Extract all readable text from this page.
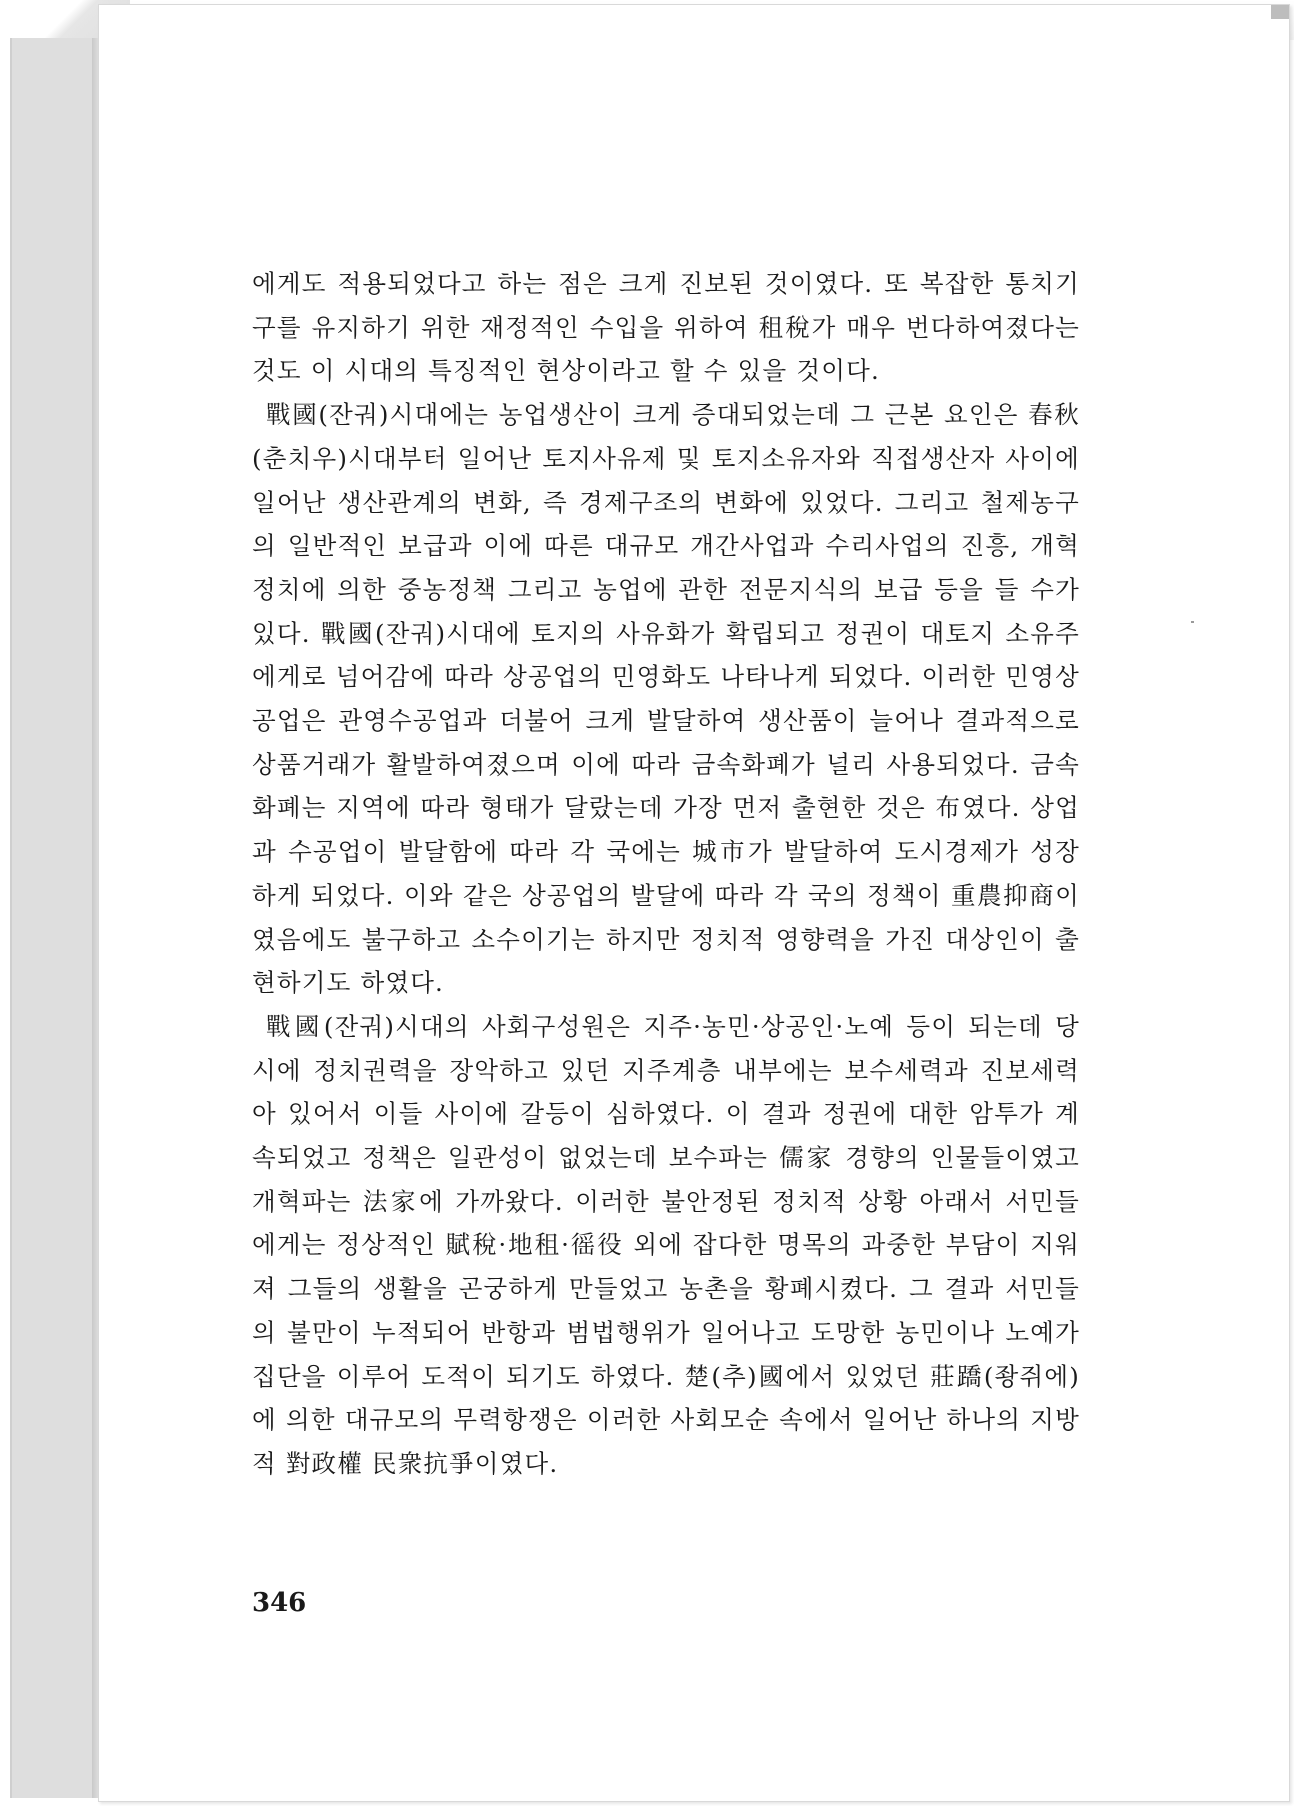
에게도 적용되었다고 하는 점은 크게 진보된 것이였다. 또 복잡한 통치기구를 유지하기 위한 재정적인 수입을 위하여 租稅가 매우 번다하여졌다는 것도 이 시대의 특징적인 현상이라고 할 수 있을 것이다.

戰國(잔궈)시대에는 농업생산이 크게 증대되었는데 그 근본 요인은 春秋(춘치우)시대부터 일어난 토지사유제 및 토지소유자와 직접생산자 사이에 일어난 생산관계의 변화, 즉 경제구조의 변화에 있었다. 그리고 철제농구의 일반적인 보급과 이에 따른 대규모 개간사업과 수리사업의 진흥, 개혁정치에 의한 중농정책 그리고 농업에 관한 전문지식의 보급 등을 들 수가 있다. 戰國(잔궈)시대에 토지의 사유화가 확립되고 정권이 대토지 소유주에게로 넘어감에 따라 상공업의 민영화도 나타나게 되었다. 이러한 민영상공업은 관영수공업과 더불어 크게 발달하여 생산품이 늘어나 결과적으로 상품거래가 활발하여졌으며 이에 따라 금속화폐가 널리 사용되었다. 금속화폐는 지역에 따라 형태가 달랐는데 가장 먼저 출현한 것은 布였다. 상업과 수공업이 발달함에 따라 각 국에는 城市가 발달하여 도시경제가 성장하게 되었다. 이와 같은 상공업의 발달에 따라 각 국의 정책이 重農抑商이였음에도 불구하고 소수이기는 하지만 정치적 영향력을 가진 대상인이 출현하기도 하였다.

戰國(잔궈)시대의 사회구성원은 지주·농민·상공인·노예 등이 되는데 당시에 정치권력을 장악하고 있던 지주계층 내부에는 보수세력과 진보세력아 있어서 이들 사이에 갈등이 심하였다. 이 결과 정권에 대한 암투가 계속되었고 정책은 일관성이 없었는데 보수파는 儒家 경향의 인물들이였고 개혁파는 法家에 가까왔다. 이러한 불안정된 정치적 상황 아래서 서민들에게는 정상적인 賦稅·地租·徭役 외에 잡다한 명목의 과중한 부담이 지워져 그들의 생활을 곤궁하게 만들었고 농촌을 황폐시켰다. 그 결과 서민들의 불만이 누적되어 반항과 범법행위가 일어나고 도망한 농민이나 노예가 집단을 이루어 도적이 되기도 하였다. 楚(추)國에서 있었던 莊蹻(좡쥐에)에 의한 대규모의 무력항쟁은 이러한 사회모순 속에서 일어난 하나의 지방적 對政權 民衆抗爭이였다.

346
